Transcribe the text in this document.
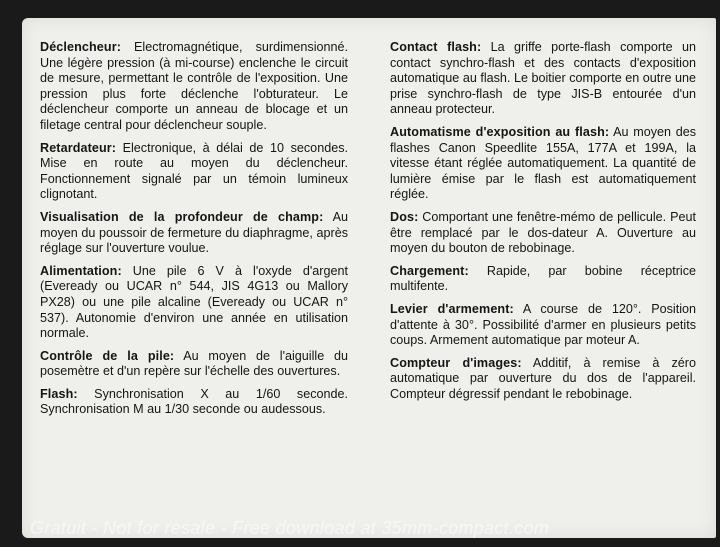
Déclencheur: Electromagnétique, surdimensionné. Une légère pression (à mi-course) enclenche le circuit de mesure, permettant le contrôle de l'exposition. Une pression plus forte déclenche l'obturateur. Le déclencheur comporte un anneau de blocage et un filetage central pour déclencheur souple.

Retardateur: Electronique, à délai de 10 secondes. Mise en route au moyen du déclencheur. Fonctionnement signalé par un témoin lumineux clignotant.

Visualisation de la profondeur de champ: Au moyen du poussoir de fermeture du diaphragme, après réglage sur l'ouverture voulue.

Alimentation: Une pile 6 V à l'oxyde d'argent (Eveready ou UCAR n° 544, JIS 4G13 ou Mallory PX28) ou une pile alcaline (Eveready ou UCAR n° 537). Autonomie d'environ une année en utilisation normale.

Contrôle de la pile: Au moyen de l'aiguille du posemètre et d'un repère sur l'échelle des ouvertures.

Flash: Synchronisation X au 1/60 seconde. Synchronisation M au 1/30 seconde ou audessous.

Contact flash: La griffe porte-flash comporte un contact synchro-flash et des contacts d'exposition automatique au flash. Le boitier comporte en outre une prise synchro-flash de type JIS-B entourée d'un anneau protecteur.

Automatisme d'exposition au flash: Au moyen des flashes Canon Speedlite 155A, 177A et 199A, la vitesse étant réglée automatiquement. La quantité de lumière émise par le flash est automatiquement réglée.

Dos: Comportant une fenêtre-mémo de pellicule. Peut être remplacé par le dos-dateur A. Ouverture au moyen du bouton de rebobinage.

Chargement: Rapide, par bobine réceptrice multifente.

Levier d'armement: A course de 120°. Position d'attente à 30°. Possibilité d'armer en plusieurs petits coups. Armement automatique par moteur A.

Compteur d'images: Additif, à remise à zéro automatique par ouverture du dos de l'appareil. Compteur dégressif pendant le rebobinage.

Gratuit - Not for resale - Free download at 35mm-compact.com
